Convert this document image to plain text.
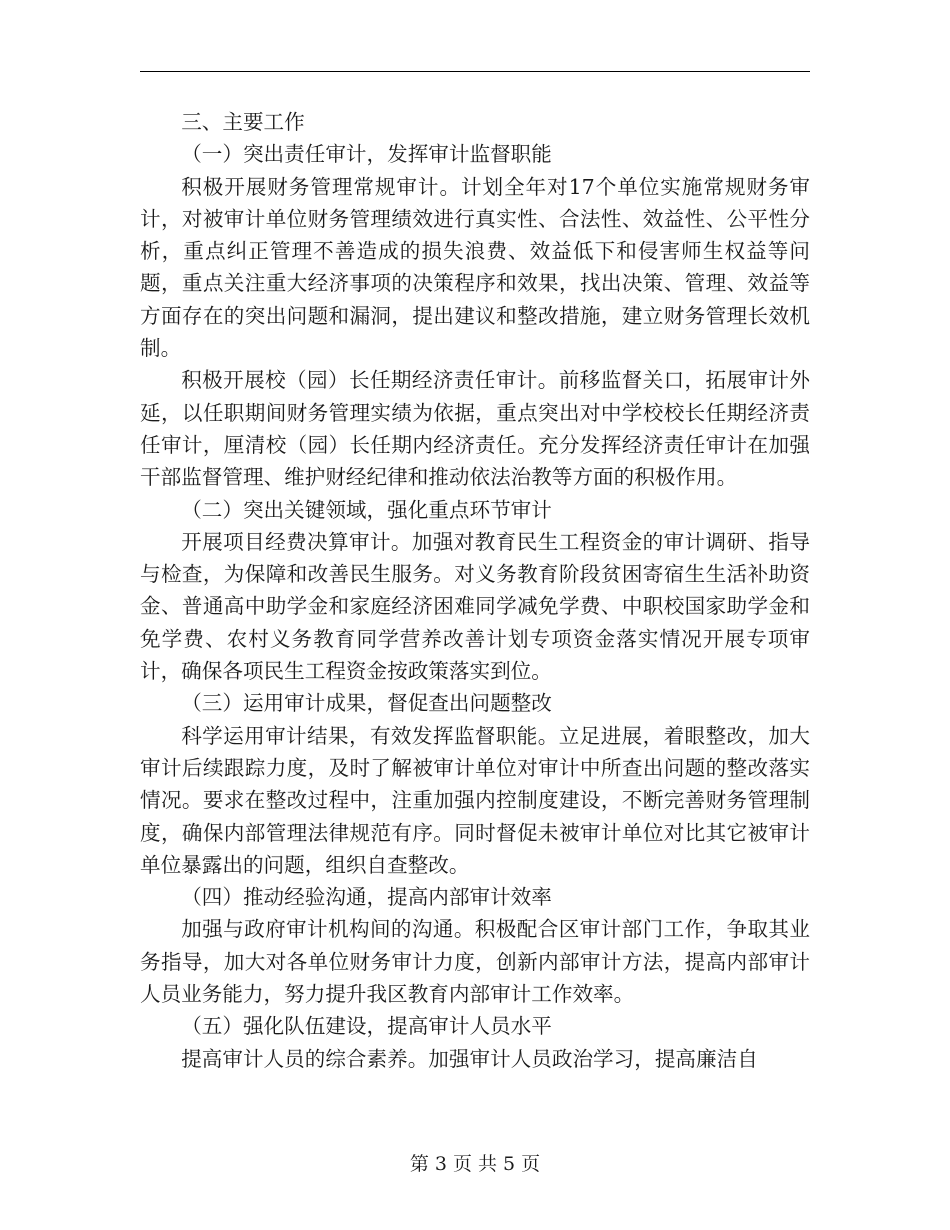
三、主要工作
（一）突出责任审计，发挥审计监督职能

积极开展财务管理常规审计。计划全年对17个单位实施常规财务审计，对被审计单位财务管理绩效进行真实性、合法性、效益性、公平性分析，重点纠正管理不善造成的损失浪费、效益低下和侵害师生权益等问题，重点关注重大经济事项的决策程序和效果，找出决策、管理、效益等方面存在的突出问题和漏洞，提出建议和整改措施，建立财务管理长效机制。

积极开展校（园）长任期经济责任审计。前移监督关口，拓展审计外延，以任职期间财务管理实绩为依据，重点突出对中学校校长任期经济责任审计，厘清校（园）长任期内经济责任。充分发挥经济责任审计在加强干部监督管理、维护财经纪律和推动依法治教等方面的积极作用。

（二）突出关键领域，强化重点环节审计

开展项目经费决算审计。加强对教育民生工程资金的审计调研、指导与检查，为保障和改善民生服务。对义务教育阶段贫困寄宿生生活补助资金、普通高中助学金和家庭经济困难同学减免学费、中职校国家助学金和免学费、农村义务教育同学营养改善计划专项资金落实情况开展专项审计，确保各项民生工程资金按政策落实到位。

（三）运用审计成果，督促查出问题整改

科学运用审计结果，有效发挥监督职能。立足进展，着眼整改，加大审计后续跟踪力度，及时了解被审计单位对审计中所查出问题的整改落实情况。要求在整改过程中，注重加强内控制度建设，不断完善财务管理制度，确保内部管理法律规范有序。同时督促未被审计单位对比其它被审计单位暴露出的问题，组织自查整改。

（四）推动经验沟通，提高内部审计效率

加强与政府审计机构间的沟通。积极配合区审计部门工作，争取其业务指导，加大对各单位财务审计力度，创新内部审计方法，提高内部审计人员业务能力，努力提升我区教育内部审计工作效率。

（五）强化队伍建设，提高审计人员水平

提高审计人员的综合素养。加强审计人员政治学习，提高廉洁自

第 3 页 共 5 页
